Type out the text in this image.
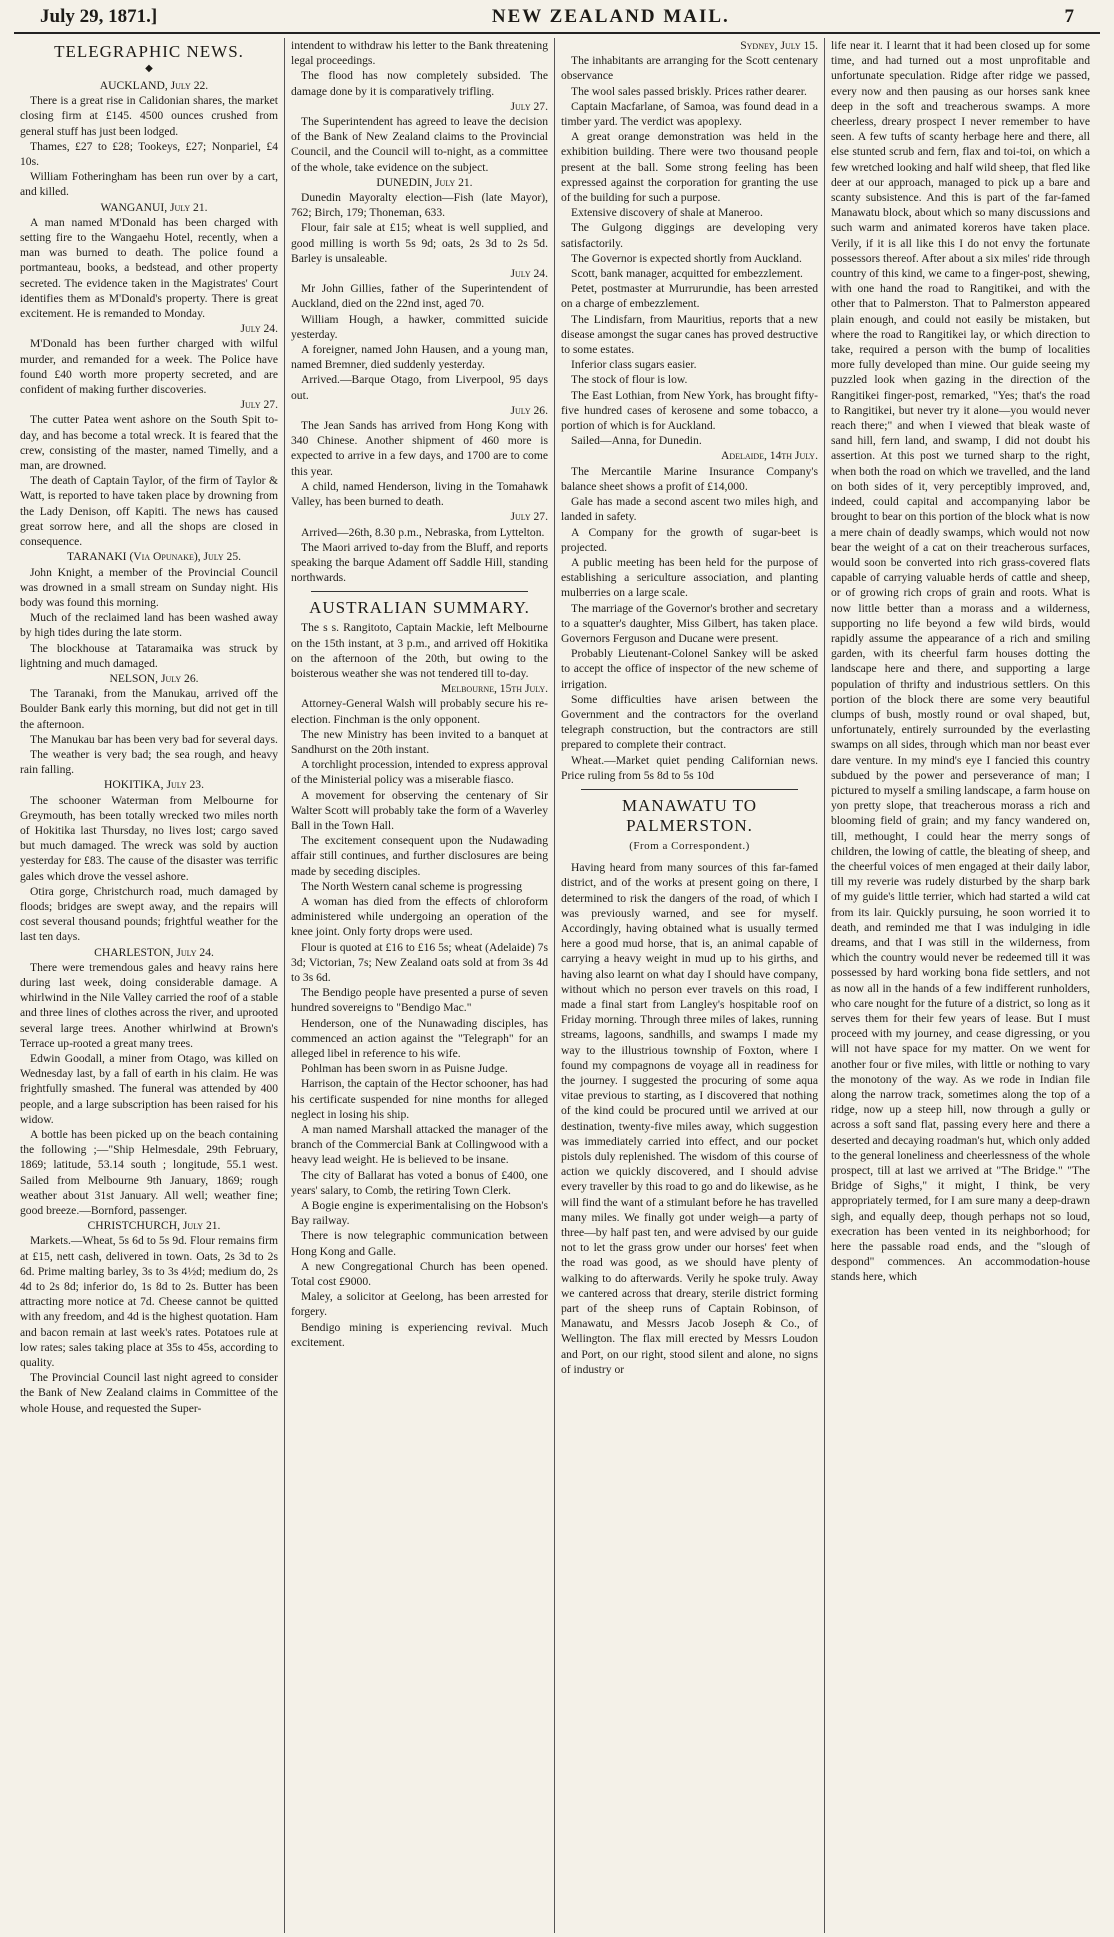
July 29, 1871.]	NEW ZEALAND MAIL.	7
TELEGRAPHIC NEWS.
◆

AUCKLAND, July 22.

There is a great rise in Calidonian shares, the market closing firm at £145. 4500 ounces crushed from general stuff has just been lodged.

Thames, £27 to £28; Tookeys, £27; Nonpariel, £4 10s.

William Fotheringham has been run over by a cart, and killed.

WANGANUI, July 21.

A man named M'Donald has been charged with setting fire to the Wangaehu Hotel, recently, when a man was burned to death. The police found a portmanteau, books, a bedstead, and other property secreted. The evidence taken in the Magistrates' Court identifies them as M'Donald's property. There is great excitement. He is remanded to Monday.

July 24.

M'Donald has been further charged with wilful murder, and remanded for a week. The Police have found £40 worth more property secreted, and are confident of making further discoveries.

July 27.

The cutter Patea went ashore on the South Spit to-day, and has become a total wreck. It is feared that the crew, consisting of the master, named Timelly, and a man, are drowned.

The death of Captain Taylor, of the firm of Taylor & Watt, is reported to have taken place by drowning from the Lady Denison, off Kapiti. The news has caused great sorrow here, and all the shops are closed in consequence.

TARANAKI (Via Opunake), July 25.

John Knight, a member of the Provincial Council was drowned in a small stream on Sunday night. His body was found this morning.

Much of the reclaimed land has been washed away by high tides during the late storm.

The blockhouse at Tataramaika was struck by lightning and much damaged.

NELSON, July 26.

The Taranaki, from the Manukau, arrived off the Boulder Bank early this morning, but did not get in till the afternoon.

The Manukau bar has been very bad for several days.

The weather is very bad; the sea rough, and heavy rain falling.

HOKITIKA, July 23.

The schooner Waterman from Melbourne for Greymouth, has been totally wrecked two miles north of Hokitika last Thursday, no lives lost; cargo saved but much damaged. The wreck was sold by auction yesterday for £83. The cause of the disaster was terrific gales which drove the vessel ashore.

Otira gorge, Christchurch road, much damaged by floods; bridges are swept away, and the repairs will cost several thousand pounds; frightful weather for the last ten days.

CHARLESTON, July 24.

There were tremendous gales and heavy rains here during last week, doing considerable damage. A whirlwind in the Nile Valley carried the roof of a stable and three lines of clothes across the river, and uprooted several large trees. Another whirlwind at Brown's Terrace up-rooted a great many trees.

Edwin Goodall, a miner from Otago, was killed on Wednesday last, by a fall of earth in his claim. He was frightfully smashed. The funeral was attended by 400 people, and a large subscription has been raised for his widow.

A bottle has been picked up on the beach containing the following ;—"Ship Helmesdale, 29th February, 1869; latitude, 53.14 south ; longitude, 55.1 west. Sailed from Melbourne 9th January, 1869; rough weather about 31st January. All well; weather fine; good breeze.—Bornford, passenger.

CHRISTCHURCH, July 21.

Markets.—Wheat, 5s 6d to 5s 9d. Flour remains firm at £15, nett cash, delivered in town. Oats, 2s 3d to 2s 6d. Prime malting barley, 3s to 3s 4½d; medium do, 2s 4d to 2s 8d; inferior do, 1s 8d to 2s. Butter has been attracting more notice at 7d. Cheese cannot be quitted with any freedom, and 4d is the highest quotation. Ham and bacon remain at last week's rates. Potatoes rule at low rates; sales taking place at 35s to 45s, according to quality.

The Provincial Council last night agreed to consider the Bank of New Zealand claims in Committee of the whole House, and requested the Super-

intendent to withdraw his letter to the Bank threatening legal proceedings.

The flood has now completely subsided. The damage done by it is comparatively trifling.

July 27.

The Superintendent has agreed to leave the decision of the Bank of New Zealand claims to the Provincial Council, and the Council will to-night, as a committee of the whole, take evidence on the subject.

DUNEDIN, July 21.

Dunedin Mayoralty election—Fish (late Mayor), 762; Birch, 179; Thoneman, 633.

Flour, fair sale at £15; wheat is well supplied, and good milling is worth 5s 9d; oats, 2s 3d to 2s 5d. Barley is unsaleable.

July 24.

Mr John Gillies, father of the Superintendent of Auckland, died on the 22nd inst, aged 70.

William Hough, a hawker, committed suicide yesterday.

A foreigner, named John Hausen, and a young man, named Bremner, died suddenly yesterday.

Arrived.—Barque Otago, from Liverpool, 95 days out.

July 26.

The Jean Sands has arrived from Hong Kong with 340 Chinese. Another shipment of 460 more is expected to arrive in a few days, and 1700 are to come this year.

A child, named Henderson, living in the Tomahawk Valley, has been burned to death.

July 27.

Arrived—26th, 8.30 p.m., Nebraska, from Lyttelton.

The Maori arrived to-day from the Bluff, and reports speaking the barque Adament off Saddle Hill, standing northwards.

AUSTRALIAN SUMMARY.

The s s. Rangitoto, Captain Mackie, left Melbourne on the 15th instant, at 3 p.m., and arrived off Hokitika on the afternoon of the 20th, but owing to the boisterous weather she was not tendered till to-day.

Melbourne, 15th July.

Attorney-General Walsh will probably secure his re-election. Finchman is the only opponent.

The new Ministry has been invited to a banquet at Sandhurst on the 20th instant.

A torchlight procession, intended to express approval of the Ministerial policy was a miserable fiasco.

A movement for observing the centenary of Sir Walter Scott will probably take the form of a Waverley Ball in the Town Hall.

The excitement consequent upon the Nudawading affair still continues, and further disclosures are being made by seceding disciples.

The North Western canal scheme is progressing

A woman has died from the effects of chloroform administered while undergoing an operation of the knee joint. Only forty drops were used.

Flour is quoted at £16 to £16 5s; wheat (Adelaide) 7s 3d; Victorian, 7s; New Zealand oats sold at from 3s 4d to 3s 6d.

The Bendigo people have presented a purse of seven hundred sovereigns to "Bendigo Mac."

Henderson, one of the Nunawading disciples, has commenced an action against the "Telegraph" for an alleged libel in reference to his wife.

Pohlman has been sworn in as Puisne Judge.

Harrison, the captain of the Hector schooner, has had his certificate suspended for nine months for alleged neglect in losing his ship.

A man named Marshall attacked the manager of the branch of the Commercial Bank at Collingwood with a heavy lead weight. He is believed to be insane.

The city of Ballarat has voted a bonus of £400, one years' salary, to Comb, the retiring Town Clerk.

A Bogie engine is experimentalising on the Hobson's Bay railway.

There is now telegraphic communication between Hong Kong and Galle.

A new Congregational Church has been opened. Total cost £9000.

Maley, a solicitor at Geelong, has been arrested for forgery.

Bendigo mining is experiencing revival. Much excitement.

Sydney, July 15.

The inhabitants are arranging for the Scott centenary observance

The wool sales passed briskly. Prices rather dearer.

Captain Macfarlane, of Samoa, was found dead in a timber yard. The verdict was apoplexy.

A great orange demonstration was held in the exhibition building. There were two thousand people present at the ball. Some strong feeling has been expressed against the corporation for granting the use of the building for such a purpose.

Extensive discovery of shale at Maneroo.

The Gulgong diggings are developing very satisfactorily.

The Governor is expected shortly from Auckland.

Scott, bank manager, acquitted for embezzlement.

Petet, postmaster at Murrurundie, has been arrested on a charge of embezzlement.

The Lindisfarn, from Mauritius, reports that a new disease amongst the sugar canes has proved destructive to some estates.

Inferior class sugars easier.

The stock of flour is low.

The East Lothian, from New York, has brought fifty-five hundred cases of kerosene and some tobacco, a portion of which is for Auckland.

Sailed—Anna, for Dunedin.

Adelaide, 14th July.

The Mercantile Marine Insurance Company's balance sheet shows a profit of £14,000.

Gale has made a second ascent two miles high, and landed in safety.

A Company for the growth of sugar-beet is projected.

A public meeting has been held for the purpose of establishing a sericulture association, and planting mulberries on a large scale.

The marriage of the Governor's brother and secretary to a squatter's daughter, Miss Gilbert, has taken place. Governors Ferguson and Ducane were present.

Probably Lieutenant-Colonel Sankey will be asked to accept the office of inspector of the new scheme of irrigation.

Some difficulties have arisen between the Government and the contractors for the overland telegraph construction, but the contractors are still prepared to complete their contract.

Wheat.—Market quiet pending Californian news. Price ruling from 5s 8d to 5s 10d

MANAWATU TO PALMERSTON.
(From a Correspondent.)

Having heard from many sources of this far-famed district, and of the works at present going on there, I determined to risk the dangers of the road, of which I was previously warned, and see for myself. Accordingly, having obtained what is usually termed here a good mud horse, that is, an animal capable of carrying a heavy weight in mud up to his girths, and having also learnt on what day I should have company, without which no person ever travels on this road, I made a final start from Langley's hospitable roof on Friday morning. Through three miles of lakes, running streams, lagoons, sandhills, and swamps I made my way to the illustrious township of Foxton, where I found my compagnons de voyage all in readiness for the journey. I suggested the procuring of some aqua vitae previous to starting, as I discovered that nothing of the kind could be procured until we arrived at our destination, twenty-five miles away, which suggestion was immediately carried into effect, and our pocket pistols duly replenished. The wisdom of this course of action we quickly discovered, and I should advise every traveller by this road to go and do likewise, as he will find the want of a stimulant before he has travelled many miles. We finally got under weigh—a party of three—by half past ten, and were advised by our guide not to let the grass grow under our horses' feet when the road was good, as we should have plenty of walking to do afterwards. Verily he spoke truly. Away we cantered across that dreary, sterile district forming part of the sheep runs of Captain Robinson, of Manawatu, and Messrs Jacob Joseph & Co., of Wellington. The flax mill erected by Messrs Loudon and Port, on our right, stood silent and alone, no signs of industry or

life near it. I learnt that it had been closed up for some time, and had turned out a most unprofitable and unfortunate speculation. Ridge after ridge we passed, every now and then pausing as our horses sank knee deep in the soft and treacherous swamps. A more cheerless, dreary prospect I never remember to have seen. A few tufts of scanty herbage here and there, all else stunted scrub and fern, flax and toi-toi, on which a few wretched looking and half wild sheep, that fled like deer at our approach, managed to pick up a bare and scanty subsistence. And this is part of the far-famed Manawatu block, about which so many discussions and such warm and animated koreros have taken place. Verily, if it is all like this I do not envy the fortunate possessors thereof. After about a six miles' ride through country of this kind, we came to a finger-post, shewing, with one hand the road to Rangitikei, and with the other that to Palmerston. That to Palmerston appeared plain enough, and could not easily be mistaken, but where the road to Rangitikei lay, or which direction to take, required a person with the bump of localities more fully developed than mine. Our guide seeing my puzzled look when gazing in the direction of the Rangitikei finger-post, remarked, "Yes; that's the road to Rangitikei, but never try it alone—you would never reach there;" and when I viewed that bleak waste of sand hill, fern land, and swamp, I did not doubt his assertion. At this post we turned sharp to the right, when both the road on which we travelled, and the land on both sides of it, very perceptibly improved, and, indeed, could capital and accompanying labor be brought to bear on this portion of the block what is now a mere chain of deadly swamps, which would not now bear the weight of a cat on their treacherous surfaces, would soon be converted into rich grass-covered flats capable of carrying valuable herds of cattle and sheep, or of growing rich crops of grain and roots. What is now little better than a morass and a wilderness, supporting no life beyond a few wild birds, would rapidly assume the appearance of a rich and smiling garden, with its cheerful farm houses dotting the landscape here and there, and supporting a large population of thrifty and industrious settlers. On this portion of the block there are some very beautiful clumps of bush, mostly round or oval shaped, but, unfortunately, entirely surrounded by the everlasting swamps on all sides, through which man nor beast ever dare venture. In my mind's eye I fancied this country subdued by the power and perseverance of man; I pictured to myself a smiling landscape, a farm house on yon pretty slope, that treacherous morass a rich and blooming field of grain; and my fancy wandered on, till, methought, I could hear the merry songs of children, the lowing of cattle, the bleating of sheep, and the cheerful voices of men engaged at their daily labor, till my reverie was rudely disturbed by the sharp bark of my guide's little terrier, which had started a wild cat from its lair. Quickly pursuing, he soon worried it to death, and reminded me that I was indulging in idle dreams, and that I was still in the wilderness, from which the country would never be redeemed till it was possessed by hard working bona fide settlers, and not as now all in the hands of a few indifferent runholders, who care nought for the future of a district, so long as it serves them for their few years of lease. But I must proceed with my journey, and cease digressing, or you will not have space for my matter. On we went for another four or five miles, with little or nothing to vary the monotony of the way. As we rode in Indian file along the narrow track, sometimes along the top of a ridge, now up a steep hill, now through a gully or across a soft sand flat, passing every here and there a deserted and decaying roadman's hut, which only added to the general loneliness and cheerlessness of the whole prospect, till at last we arrived at "The Bridge." "The Bridge of Sighs," it might, I think, be very appropriately termed, for I am sure many a deep-drawn sigh, and equally deep, though perhaps not so loud, execration has been vented in its neighborhood; for here the passable road ends, and the "slough of despond" commences. An accommodation-house stands here, which
